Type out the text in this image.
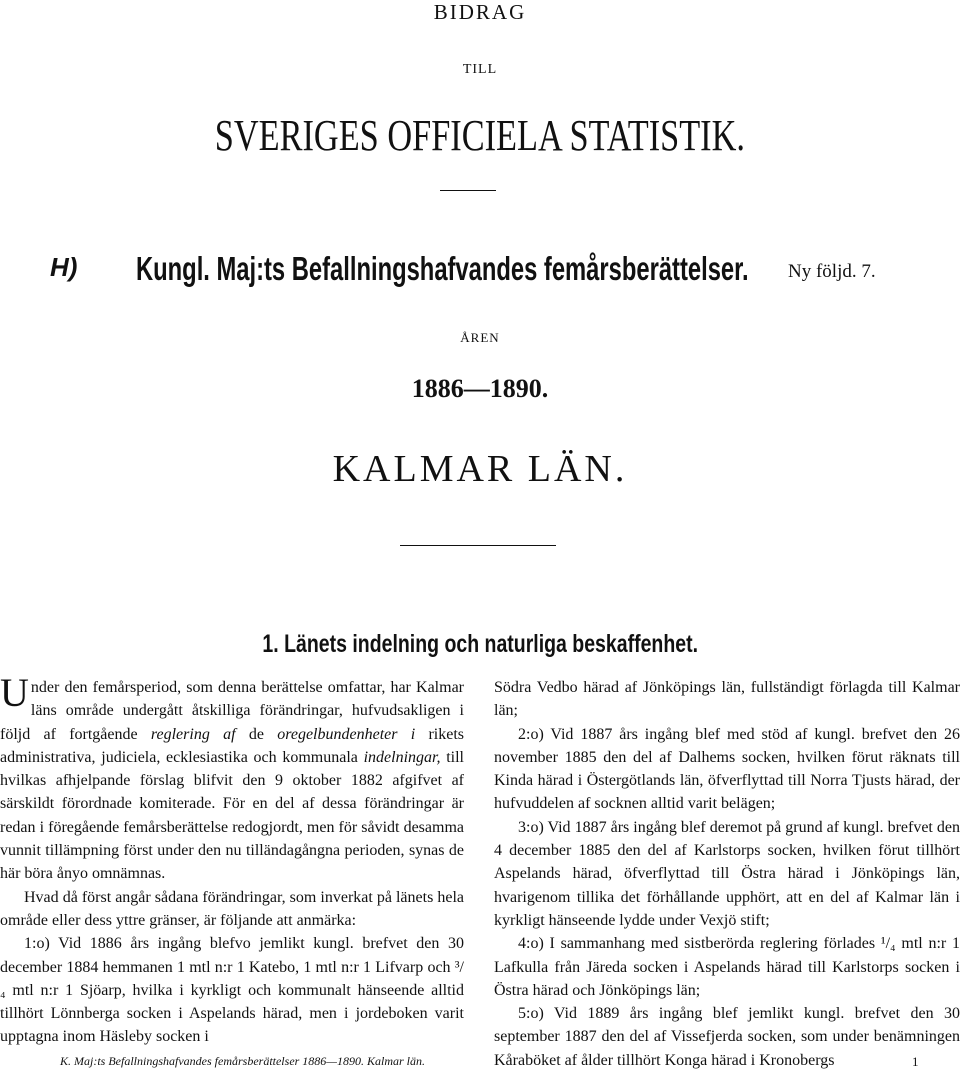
BIDRAG
TILL
SVERIGES OFFICIELA STATISTIK.
H) Kungl. Maj:ts Befallningshafvandes femårsberättelser. Ny följd. 7.
ÅREN
1886—1890.
KALMAR LÄN.
1. Länets indelning och naturliga beskaffenhet.

Under den femårsperiod, som denna berättelse omfattar, har Kalmar läns område undergått åtskilliga förändringar, hufvudsakligen i följd af fortgående reglering af de oregelbundenheter i rikets administrativa, judiciela, ecklesiastika och kommunala indelningar, till hvilkas afhjelpande förslag blifvit den 9 oktober 1882 afgifvet af särskildt förordnade komiterade. För en del af dessa förändringar är redan i föregående femårsberättelse redogjordt, men för såvidt desamma vunnit tillämpning först under den nu tilländagångna perioden, synas de här böra ånyo omnämnas.

Hvad då först angår sådana förändringar, som inverkat på länets hela område eller dess yttre gränser, är följande att anmärka:

1:o) Vid 1886 års ingång blefvo jemlikt kungl. brefvet den 30 december 1884 hemmanen 1 mtl n:r 1 Katebo, 1 mtl n:r 1 Lifvarp och ³/₄ mtl n:r 1 Sjöarp, hvilka i kyrkligt och kommunalt hänseende alltid tillhört Lönnberga socken i Aspelands härad, men i jordeboken varit upptagna inom Häsleby socken i

Södra Vedbo härad af Jönköpings län, fullständigt förlagda till Kalmar län;

2:o) Vid 1887 års ingång blef med stöd af kungl. brefvet den 26 november 1885 den del af Dalhems socken, hvilken förut räknats till Kinda härad i Östergötlands län, öfverflyttad till Norra Tjusts härad, der hufvuddelen af socknen alltid varit belägen;

3:o) Vid 1887 års ingång blef deremot på grund af kungl. brefvet den 4 december 1885 den del af Karlstorps socken, hvilken förut tillhört Aspelands härad, öfverflyttad till Östra härad i Jönköpings län, hvarigenom tillika det förhållande upphört, att en del af Kalmar län i kyrkligt hänseende lydde under Vexjö stift;

4:o) I sammanhang med sistberörda reglering förlades ¹/₄ mtl n:r 1 Lafkulla från Järeda socken i Aspelands härad till Karlstorps socken i Östra härad och Jönköpings län;

5:o) Vid 1889 års ingång blef jemlikt kungl. brefvet den 30 september 1887 den del af Vissefjerda socken, som under benämningen Kåraböket af ålder tillhört Konga härad i Kronobergs

K. Maj:ts Befallningshafvandes femårsberättelser 1886—1890. Kalmar län.	1
